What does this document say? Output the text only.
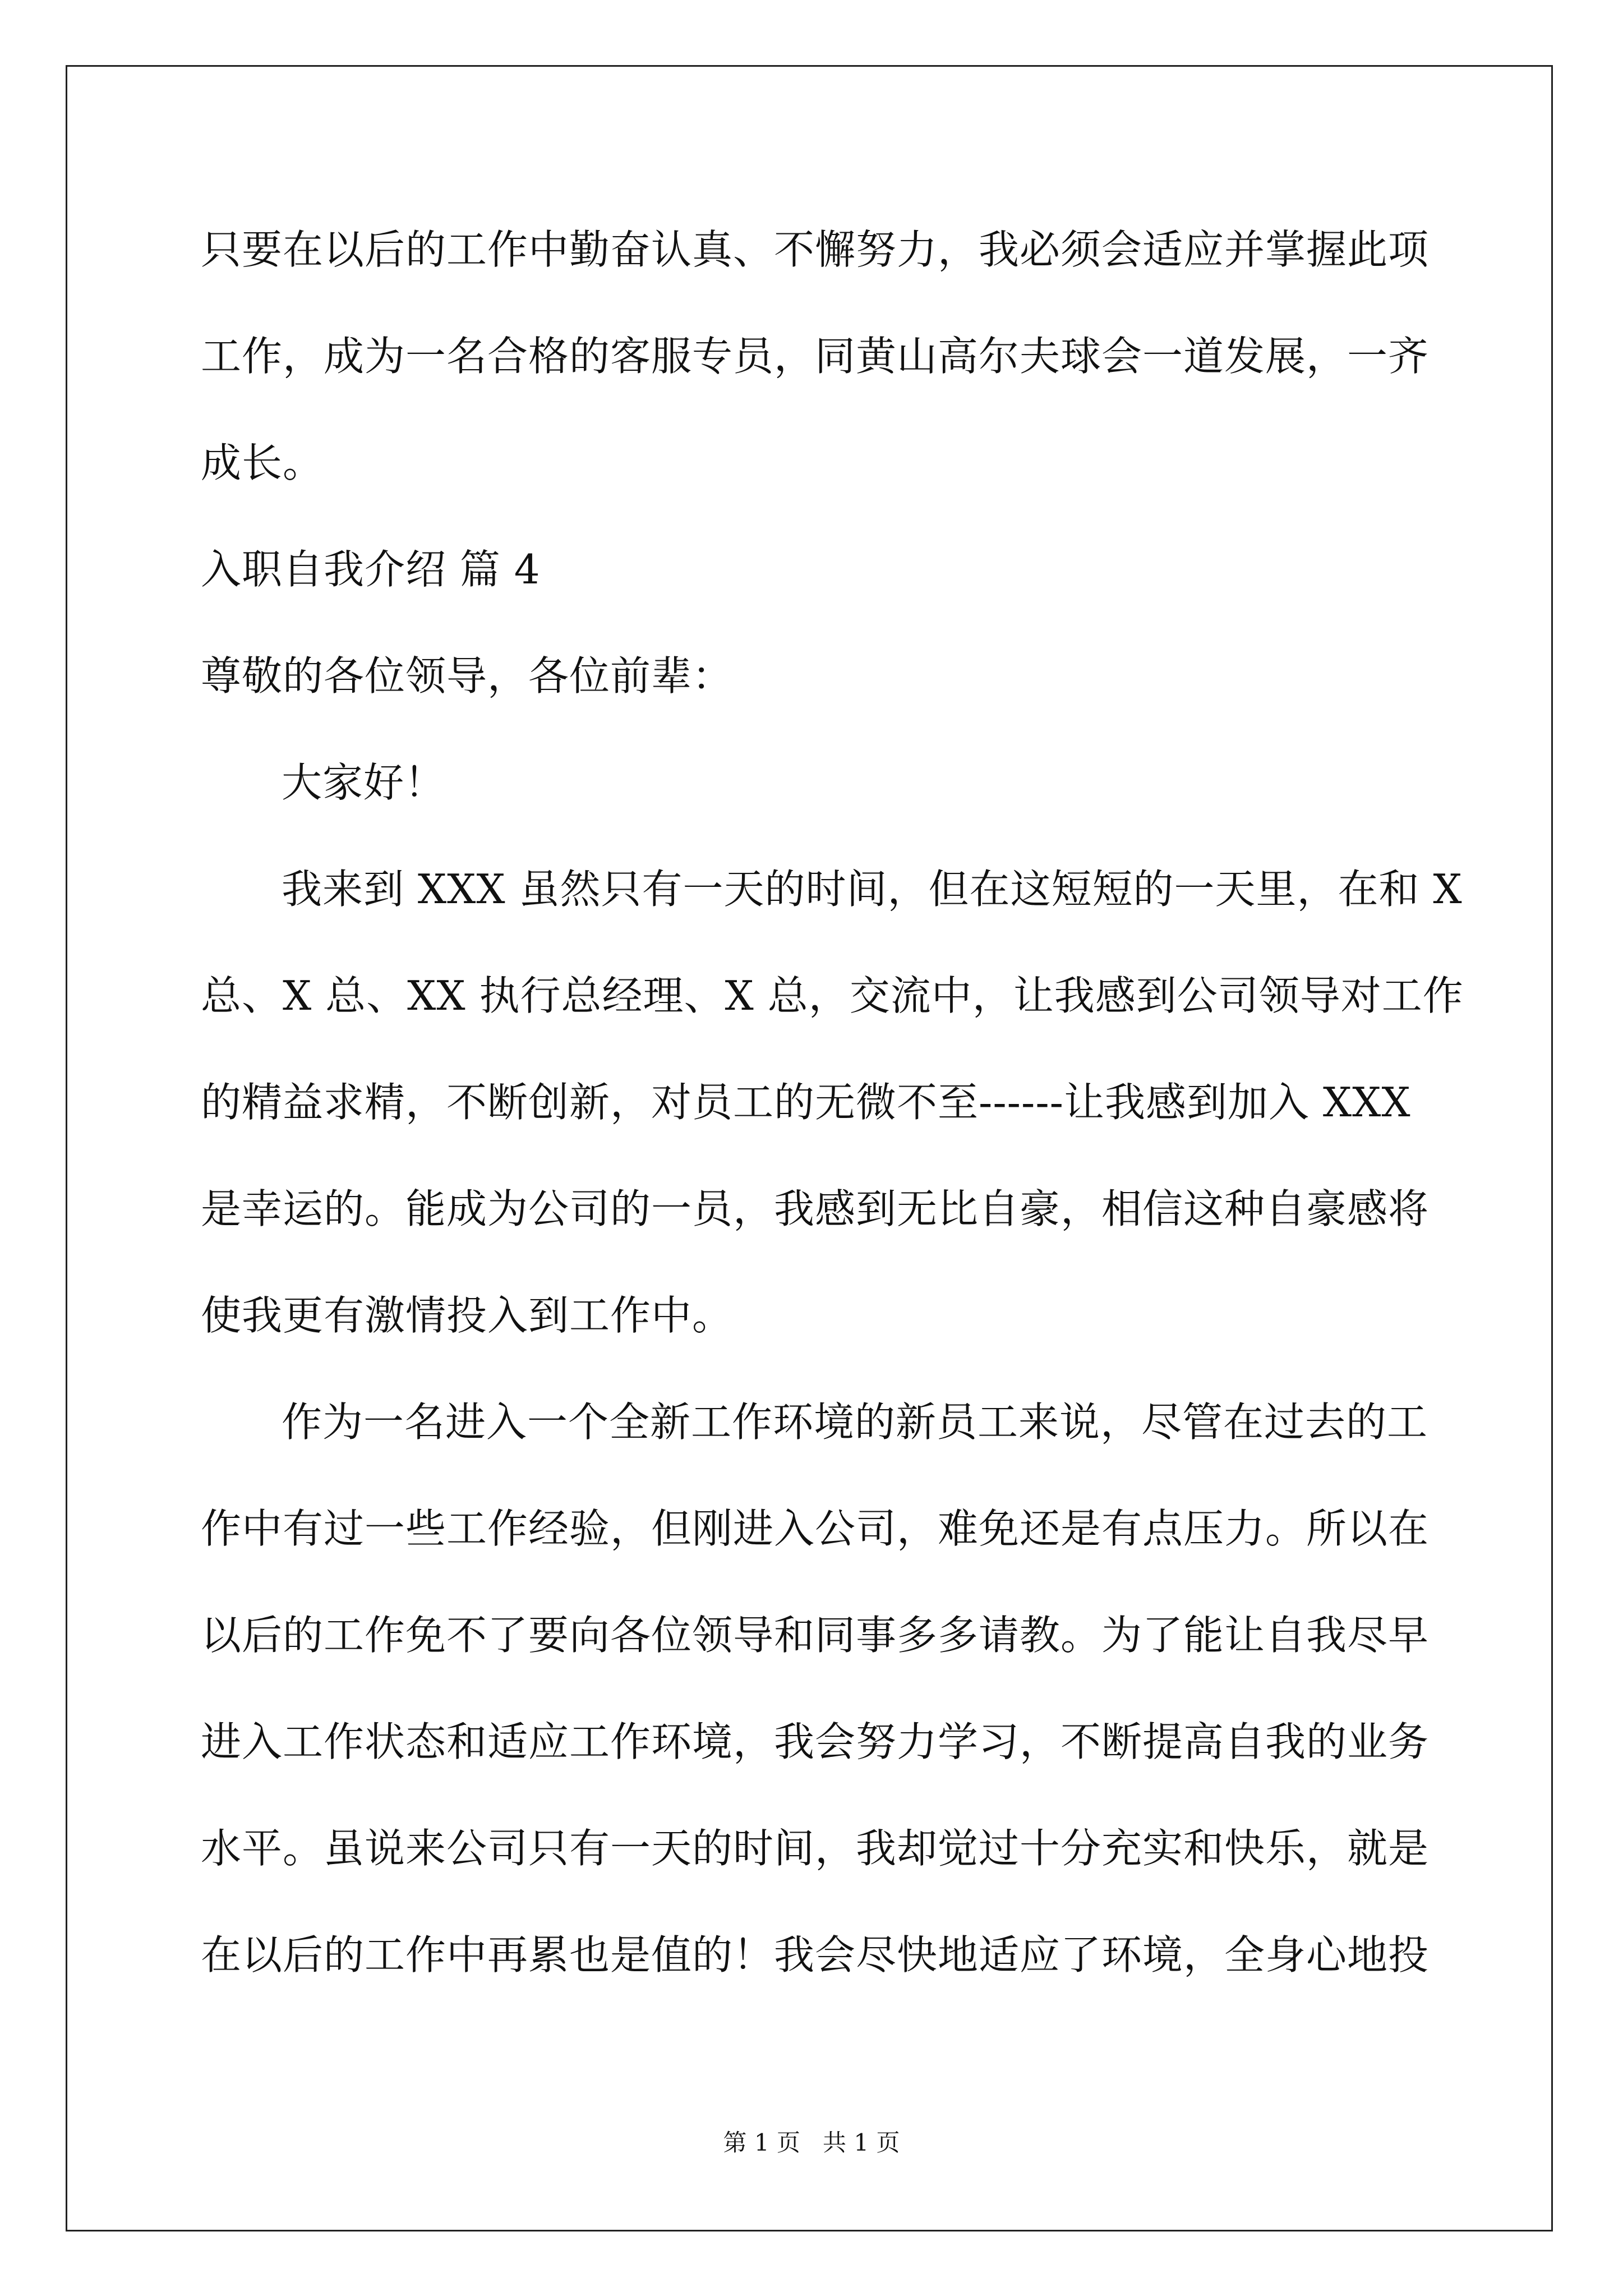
只要在以后的工作中勤奋认真、不懈努力，我必须会适应并掌握此项
工作，成为一名合格的客服专员，同黄山高尔夫球会一道发展，一齐
成长。
入职自我介绍 篇 4
尊敬的各位领导，各位前辈：
大家好！
我来到 XXX 虽然只有一天的时间，但在这短短的一天里，在和 X
总、X 总、XX 执行总经理、X 总，交流中，让我感到公司领导对工作
的精益求精，不断创新，对员工的无微不至------让我感到加入 XXX
是幸运的。能成为公司的一员，我感到无比自豪，相信这种自豪感将
使我更有激情投入到工作中。
作为一名进入一个全新工作环境的新员工来说，尽管在过去的工
作中有过一些工作经验，但刚进入公司，难免还是有点压力。所以在
以后的工作免不了要向各位领导和同事多多请教。为了能让自我尽早
进入工作状态和适应工作环境，我会努力学习，不断提高自我的业务
水平。虽说来公司只有一天的时间，我却觉过十分充实和快乐，就是
在以后的工作中再累也是值的！我会尽快地适应了环境，全身心地投
第 1 页   共 1 页
